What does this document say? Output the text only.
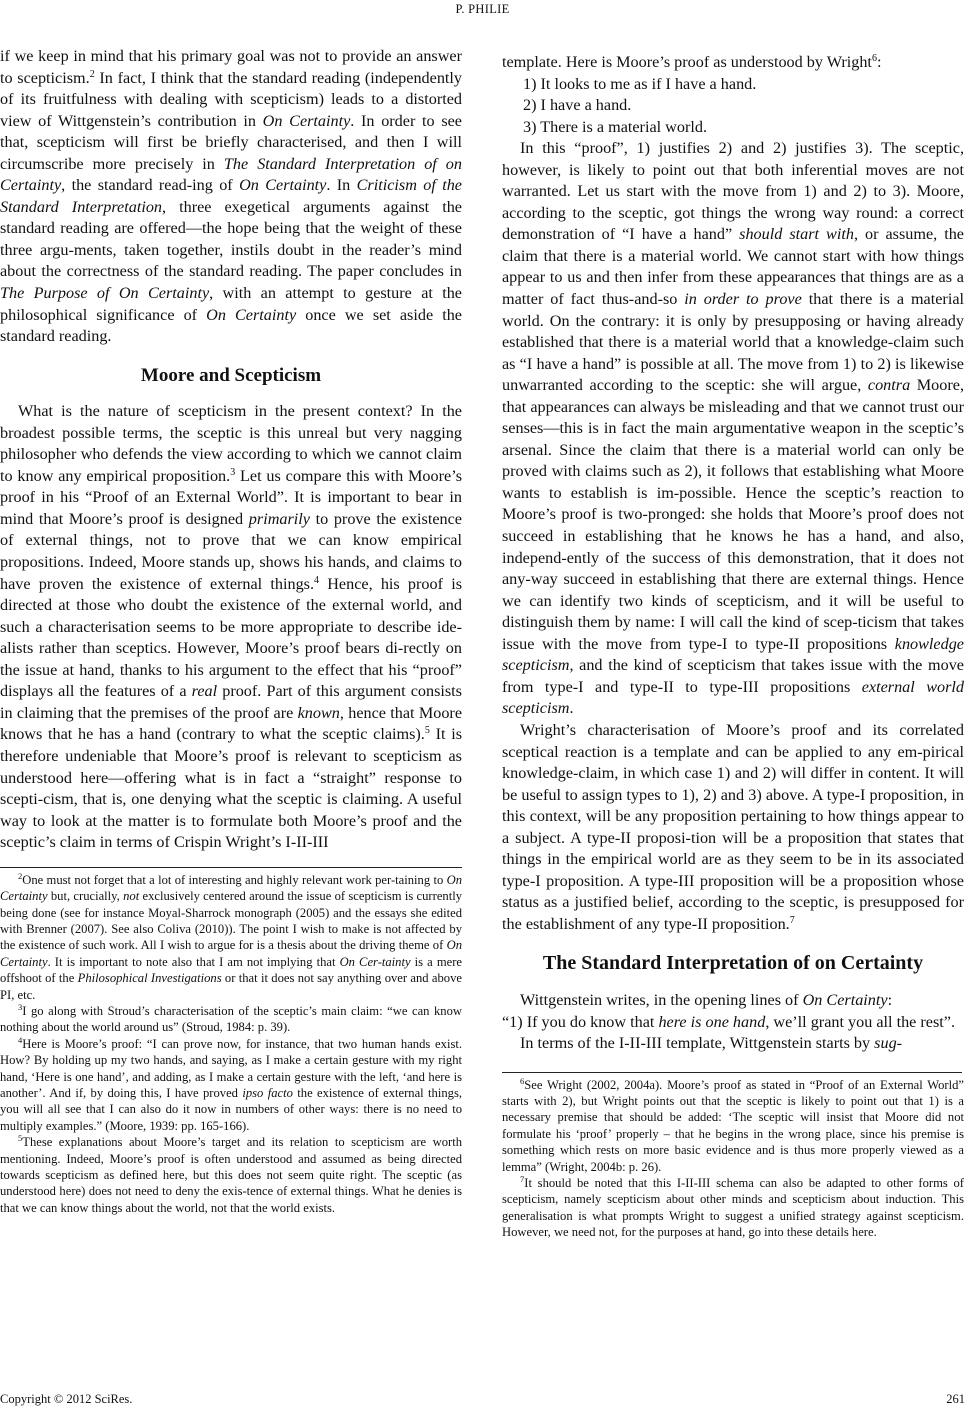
P. PHILIE

if we keep in mind that his primary goal was not to provide an answer to scepticism.$^2$ In fact, I think that the standard reading (independently of its fruitfulness with dealing with scepticism) leads to a distorted view of Wittgenstein’s contribution in On Certainty. In order to see that, scepticism will first be briefly characterised, and then I will circumscribe more precisely in The Standard Interpretation of on Certainty, the standard read-ing of On Certainty. In Criticism of the Standard Interpretation, three exegetical arguments against the standard reading are offered—the hope being that the weight of these three argu-ments, taken together, instils doubt in the reader’s mind about the correctness of the standard reading. The paper concludes in The Purpose of On Certainty, with an attempt to gesture at the philosophical significance of On Certainty once we set aside the standard reading.

Moore and Scepticism

What is the nature of scepticism in the present context? In the broadest possible terms, the sceptic is this unreal but very nagging philosopher who defends the view according to which we cannot claim to know any empirical proposition.$^3$ Let us compare this with Moore’s proof in his “Proof of an External World”. It is important to bear in mind that Moore’s proof is designed primarily to prove the existence of external things, not to prove that we can know empirical propositions. Indeed, Moore stands up, shows his hands, and claims to have proven the existence of external things.$^4$ Hence, his proof is directed at those who doubt the existence of the external world, and such a characterisation seems to be more appropriate to describe ide-alists rather than sceptics. However, Moore’s proof bears di-rectly on the issue at hand, thanks to his argument to the effect that his “proof” displays all the features of a real proof. Part of this argument consists in claiming that the premises of the proof are known, hence that Moore knows that he has a hand (contrary to what the sceptic claims).$^5$ It is therefore undeniable that Moore’s proof is relevant to scepticism as understood here—offering what is in fact a “straight” response to scepti-cism, that is, one denying what the sceptic is claiming. A useful way to look at the matter is to formulate both Moore’s proof and the sceptic’s claim in terms of Crispin Wright’s I-II-III

$^2$One must not forget that a lot of interesting and highly relevant work per-taining to On Certainty but, crucially, not exclusively centered around the issue of scepticism is currently being done (see for instance Moyal-Sharrock monograph (2005) and the essays she edited with Brenner (2007). See also Coliva (2010)). The point I wish to make is not affected by the existence of such work. All I wish to argue for is a thesis about the driving theme of On Certainty. It is important to note also that I am not implying that On Cer-tainty is a mere offshoot of the Philosophical Investigations or that it does not say anything over and above PI, etc.

$^3$I go along with Stroud’s characterisation of the sceptic’s main claim: “we can know nothing about the world around us” (Stroud, 1984: p. 39).

$^4$Here is Moore’s proof: “I can prove now, for instance, that two human hands exist. How? By holding up my two hands, and saying, as I make a certain gesture with my right hand, ‘Here is one hand’, and adding, as I make a certain gesture with the left, ‘and here is another’. And if, by doing this, I have proved ipso facto the existence of external things, you will all see that I can also do it now in numbers of other ways: there is no need to multiply examples.” (Moore, 1939: pp. 165-166).

$^5$These explanations about Moore’s target and its relation to scepticism are worth mentioning. Indeed, Moore’s proof is often understood and assumed as being directed towards scepticism as defined here, but this does not seem quite right. The sceptic (as understood here) does not need to deny the exis-tence of external things. What he denies is that we can know things about the world, not that the world exists.

template. Here is Moore’s proof as understood by Wright$^6$:

1) It looks to me as if I have a hand.

2) I have a hand.

3) There is a material world.

In this “proof”, 1) justifies 2) and 2) justifies 3). The sceptic, however, is likely to point out that both inferential moves are not warranted. Let us start with the move from 1) and 2) to 3). Moore, according to the sceptic, got things the wrong way round: a correct demonstration of “I have a hand” should start with, or assume, the claim that there is a material world. We cannot start with how things appear to us and then infer from these appearances that things are as a matter of fact thus-and-so in order to prove that there is a material world. On the contrary: it is only by presupposing or having already established that there is a material world that a knowledge-claim such as “I have a hand” is possible at all. The move from 1) to 2) is likewise unwarranted according to the sceptic: she will argue, contra Moore, that appearances can always be misleading and that we cannot trust our senses—this is in fact the main argumentative weapon in the sceptic’s arsenal. Since the claim that there is a material world can only be proved with claims such as 2), it follows that establishing what Moore wants to establish is im-possible. Hence the sceptic’s reaction to Moore’s proof is two-pronged: she holds that Moore’s proof does not succeed in establishing that he knows he has a hand, and also, independ-ently of the success of this demonstration, that it does not any-way succeed in establishing that there are external things. Hence we can identify two kinds of scepticism, and it will be useful to distinguish them by name: I will call the kind of scep-ticism that takes issue with the move from type-I to type-II propositions knowledge scepticism, and the kind of scepticism that takes issue with the move from type-I and type-II to type-III propositions external world scepticism.

Wright’s characterisation of Moore’s proof and its correlated sceptical reaction is a template and can be applied to any em-pirical knowledge-claim, in which case 1) and 2) will differ in content. It will be useful to assign types to 1), 2) and 3) above. A type-I proposition, in this context, will be any proposition pertaining to how things appear to a subject. A type-II proposi-tion will be a proposition that states that things in the empirical world are as they seem to be in its associated type-I proposition. A type-III proposition will be a proposition whose status as a justified belief, according to the sceptic, is presupposed for the establishment of any type-II proposition.$^7$

The Standard Interpretation of on Certainty

Wittgenstein writes, in the opening lines of On Certainty:

“1) If you do know that here is one hand, we’ll grant you all the rest”.

In terms of the I-II-III template, Wittgenstein starts by sug-

$^6$See Wright (2002, 2004a). Moore’s proof as stated in “Proof of an External World” starts with 2), but Wright points out that the sceptic is likely to point out that 1) is a necessary premise that should be added: ‘The sceptic will insist that Moore did not formulate his ‘proof’ properly – that he begins in the wrong place, since his premise is something which rests on more basic evidence and is thus more properly viewed as a lemma” (Wright, 2004b: p. 26).

$^7$It should be noted that this I-II-III schema can also be adapted to other forms of scepticism, namely scepticism about other minds and scepticism about induction. This generalisation is what prompts Wright to suggest a unified strategy against scepticism. However, we need not, for the purposes at hand, go into these details here.

Copyright © 2012 SciRes.	261
